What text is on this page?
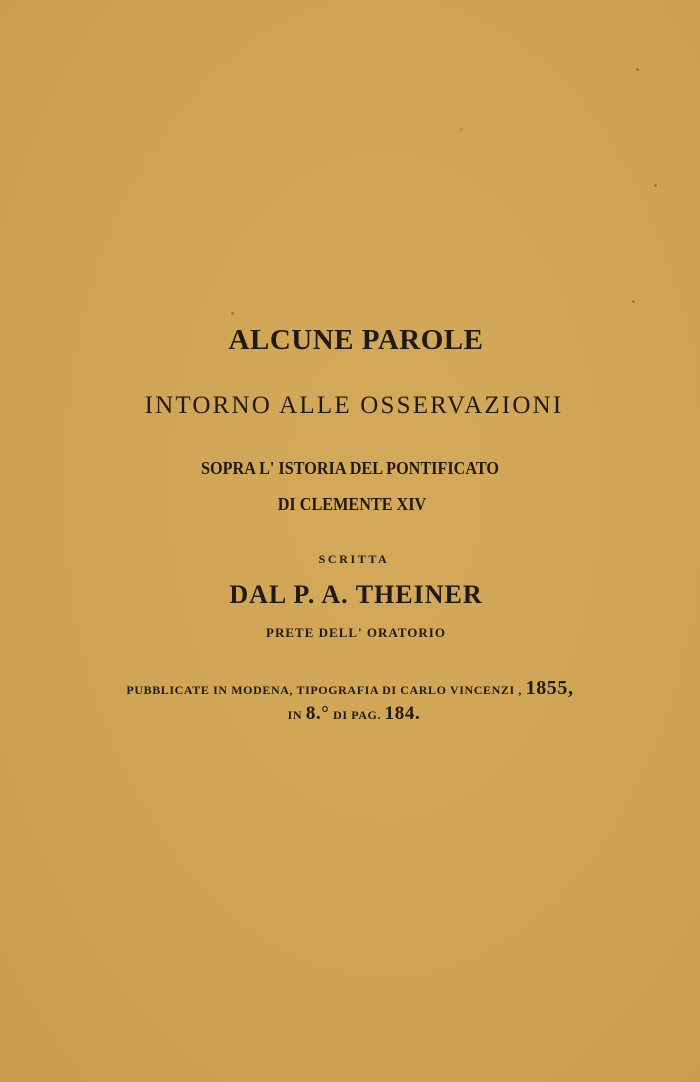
ALCUNE PAROLE
INTORNO ALLE OSSERVAZIONI
SOPRA L' ISTORIA DEL PONTIFICATO
DI CLEMENTE XIV
SCRITTA
DAL P. A. THEINER
PRETE DELL' ORATORIO
PUBBLICATE IN MODENA, TIPOGRAFIA DI CARLO VINCENZI , 1855,
IN 8.° DI PAG. 184.
